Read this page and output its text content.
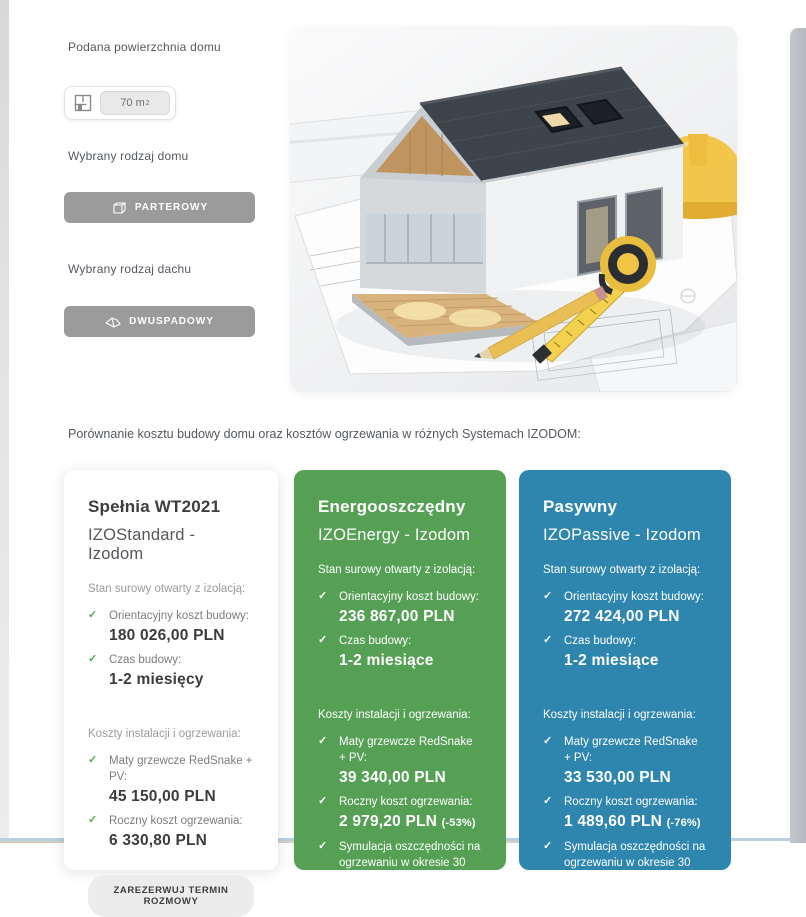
Podana powierzchnia domu
70 m 2
Wybrany rodzaj domu
PARTEROWY
Wybrany rodzaj dachu
DWUSPADOWY
Porównanie kosztu budowy domu oraz kosztów ogrzewania w różnych Systemach IZODOM:
Spełnia WT2021
IZOStandard - Izodom
Stan surowy otwarty z izolacją:
✓	Orientacyjny koszt budowy:
180 026,00 PLN
✓	Czas budowy:
1-2 miesięcy
Koszty instalacji i ogrzewania:
✓	Maty grzewcze RedSnake + PV:
45 150,00 PLN
✓	Roczny koszt ogrzewania:
6 330,80 PLN
ZAREZERWUJ TERMIN ROZMOWY
Energooszczędny
IZOEnergy - Izodom
Stan surowy otwarty z izolacją:
✓	Orientacyjny koszt budowy:
236 867,00 PLN
✓	Czas budowy:
1-2 miesiące
Koszty instalacji i ogrzewania:
✓	Maty grzewcze RedSnake + PV:
39 340,00 PLN
✓	Roczny koszt ogrzewania:
2 979,20 PLN (-53%)
✓	Symulacja oszczędności na ogrzewaniu w okresie 30 lat:
221 205,60 PLN
Pasywny
IZOPassive - Izodom
Stan surowy otwarty z izolacją:
✓	Orientacyjny koszt budowy:
272 424,00 PLN
✓	Czas budowy:
1-2 miesiące
Koszty instalacji i ogrzewania:
✓	Maty grzewcze RedSnake + PV:
33 530,00 PLN
✓	Roczny koszt ogrzewania:
1 489,60 PLN (-76%)
✓	Symulacja oszczędności na ogrzewaniu w okresie 30 lat:
319 519,20 PLN
